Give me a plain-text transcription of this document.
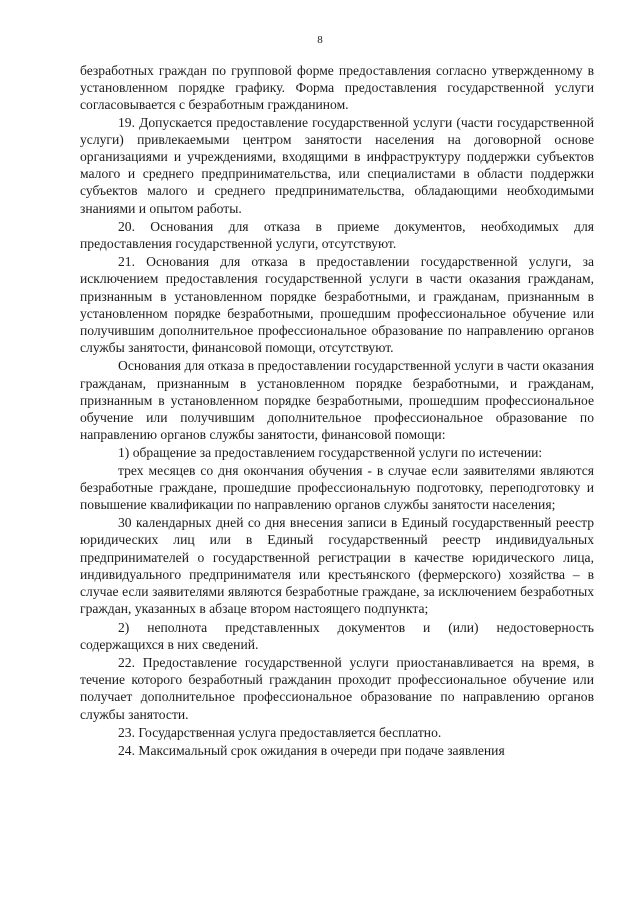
8

безработных граждан по групповой форме предоставления согласно утвержденному в установленном порядке графику. Форма предоставления государственной услуги согласовывается с безработным гражданином.

19. Допускается предоставление государственной услуги (части государственной услуги) привлекаемыми центром занятости населения на договорной основе организациями и учреждениями, входящими в инфраструктуру поддержки субъектов малого и среднего предпринимательства, или специалистами в области поддержки субъектов малого и среднего предпринимательства, обладающими необходимыми знаниями и опытом работы.

20. Основания для отказа в приеме документов, необходимых для предоставления государственной услуги, отсутствуют.

21. Основания для отказа в предоставлении государственной услуги, за исключением предоставления государственной услуги в части оказания гражданам, признанным в установленном порядке безработными, и гражданам, признанным в установленном порядке безработными, прошедшим профессиональное обучение или получившим дополнительное профессиональное образование по направлению органов службы занятости, финансовой помощи, отсутствуют.

Основания для отказа в предоставлении государственной услуги в части оказания гражданам, признанным в установленном порядке безработными, и гражданам, признанным в установленном порядке безработными, прошедшим профессиональное обучение или получившим дополнительное профессиональное образование по направлению органов службы занятости, финансовой помощи:

1) обращение за предоставлением государственной услуги по истечении:

трех месяцев со дня окончания обучения - в случае если заявителями являются безработные граждане, прошедшие профессиональную подготовку, переподготовку и повышение квалификации по направлению органов службы занятости населения;

30 календарных дней со дня внесения записи в Единый государственный реестр юридических лиц или в Единый государственный реестр индивидуальных предпринимателей о государственной регистрации в качестве юридического лица, индивидуального предпринимателя или крестьянского (фермерского) хозяйства – в случае если заявителями являются безработные граждане, за исключением безработных граждан, указанных в абзаце втором настоящего подпункта;

2) неполнота представленных документов и (или) недостоверность содержащихся в них сведений.

22. Предоставление государственной услуги приостанавливается на время, в течение которого безработный гражданин проходит профессиональное обучение или получает дополнительное профессиональное образование по направлению органов службы занятости.

23. Государственная услуга предоставляется бесплатно.

24. Максимальный срок ожидания в очереди при подаче заявления
